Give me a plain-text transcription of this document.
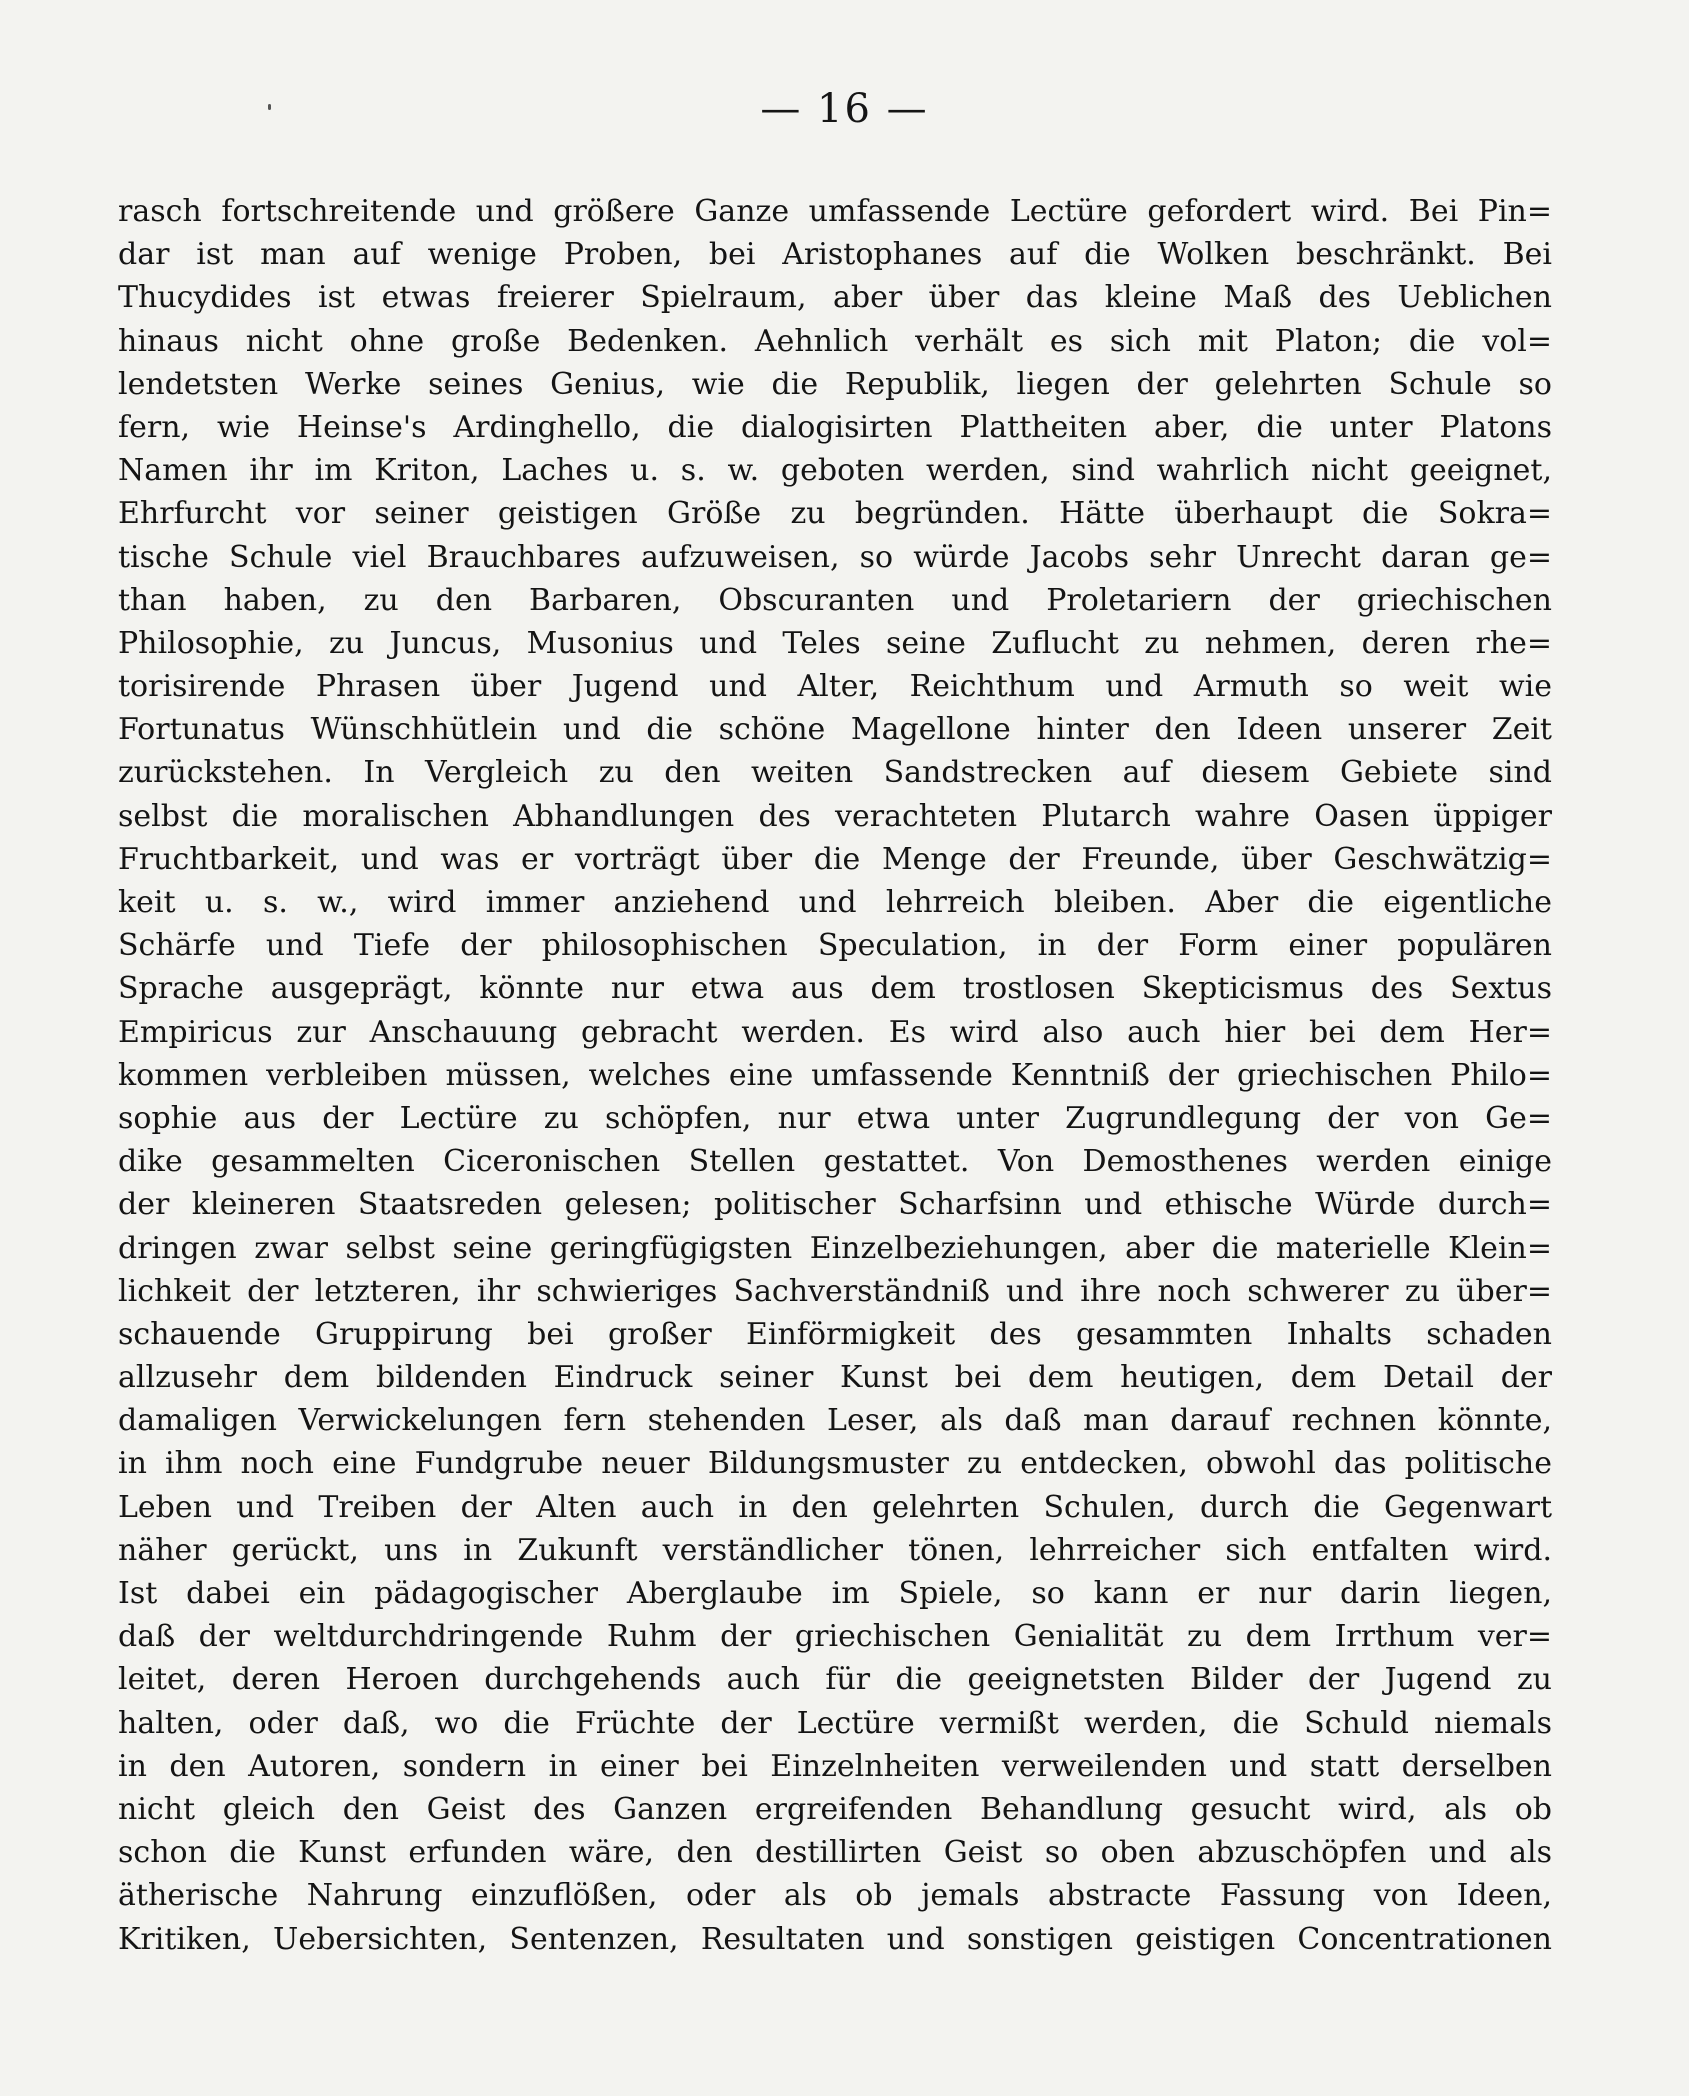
— 16 —
rasch fortschreitende und größere Ganze umfassende Lectüre gefordert wird. Bei Pin=
dar ist man auf wenige Proben, bei Aristophanes auf die Wolken beschränkt. Bei
Thucydides ist etwas freierer Spielraum, aber über das kleine Maß des Ueblichen
hinaus nicht ohne große Bedenken. Aehnlich verhält es sich mit Platon; die vol=
lendetsten Werke seines Genius, wie die Republik, liegen der gelehrten Schule so
fern, wie Heinse's Ardinghello, die dialogisirten Plattheiten aber, die unter Platons
Namen ihr im Kriton, Laches u. s. w. geboten werden, sind wahrlich nicht geeignet,
Ehrfurcht vor seiner geistigen Größe zu begründen. Hätte überhaupt die Sokra=
tische Schule viel Brauchbares aufzuweisen, so würde Jacobs sehr Unrecht daran ge=
than haben, zu den Barbaren, Obscuranten und Proletariern der griechischen
Philosophie, zu Juncus, Musonius und Teles seine Zuflucht zu nehmen, deren rhe=
torisirende Phrasen über Jugend und Alter, Reichthum und Armuth so weit wie
Fortunatus Wünschhütlein und die schöne Magellone hinter den Ideen unserer Zeit
zurückstehen. In Vergleich zu den weiten Sandstrecken auf diesem Gebiete sind
selbst die moralischen Abhandlungen des verachteten Plutarch wahre Oasen üppiger
Fruchtbarkeit, und was er vorträgt über die Menge der Freunde, über Geschwätzig=
keit u. s. w., wird immer anziehend und lehrreich bleiben. Aber die eigentliche
Schärfe und Tiefe der philosophischen Speculation, in der Form einer populären
Sprache ausgeprägt, könnte nur etwa aus dem trostlosen Skepticismus des Sextus
Empiricus zur Anschauung gebracht werden. Es wird also auch hier bei dem Her=
kommen verbleiben müssen, welches eine umfassende Kenntniß der griechischen Philo=
sophie aus der Lectüre zu schöpfen, nur etwa unter Zugrundlegung der von Ge=
dike gesammelten Ciceronischen Stellen gestattet. Von Demosthenes werden einige
der kleineren Staatsreden gelesen; politischer Scharfsinn und ethische Würde durch=
dringen zwar selbst seine geringfügigsten Einzelbeziehungen, aber die materielle Klein=
lichkeit der letzteren, ihr schwieriges Sachverständniß und ihre noch schwerer zu über=
schauende Gruppirung bei großer Einförmigkeit des gesammten Inhalts schaden
allzusehr dem bildenden Eindruck seiner Kunst bei dem heutigen, dem Detail der
damaligen Verwickelungen fern stehenden Leser, als daß man darauf rechnen könnte,
in ihm noch eine Fundgrube neuer Bildungsmuster zu entdecken, obwohl das politische
Leben und Treiben der Alten auch in den gelehrten Schulen, durch die Gegenwart
näher gerückt, uns in Zukunft verständlicher tönen, lehrreicher sich entfalten wird.
Ist dabei ein pädagogischer Aberglaube im Spiele, so kann er nur darin liegen,
daß der weltdurchdringende Ruhm der griechischen Genialität zu dem Irrthum ver=
leitet, deren Heroen durchgehends auch für die geeignetsten Bilder der Jugend zu
halten, oder daß, wo die Früchte der Lectüre vermißt werden, die Schuld niemals
in den Autoren, sondern in einer bei Einzelnheiten verweilenden und statt derselben
nicht gleich den Geist des Ganzen ergreifenden Behandlung gesucht wird, als ob
schon die Kunst erfunden wäre, den destillirten Geist so oben abzuschöpfen und als
ätherische Nahrung einzuflößen, oder als ob jemals abstracte Fassung von Ideen,
Kritiken, Uebersichten, Sentenzen, Resultaten und sonstigen geistigen Concentrationen
